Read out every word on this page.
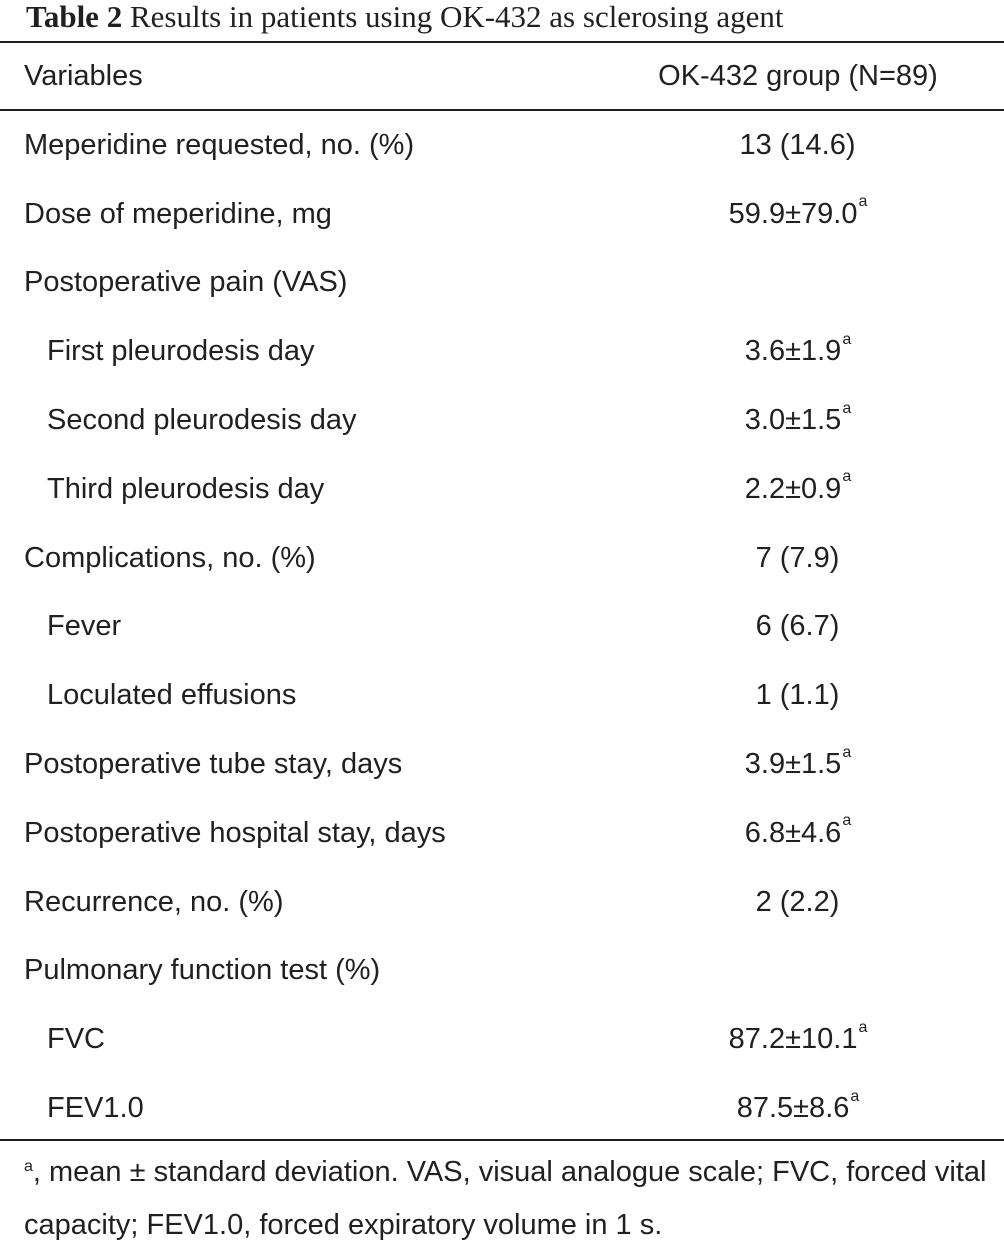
Table 2 Results in patients using OK-432 as sclerosing agent
Variables	OK-432 group (N=89)
Meperidine requested, no. (%)	13 (14.6)
Dose of meperidine, mg	59.9±79.0$^a$
Postoperative pain (VAS)
First pleurodesis day	3.6±1.9$^a$
Second pleurodesis day	3.0±1.5$^a$
Third pleurodesis day	2.2±0.9$^a$
Complications, no. (%)	7 (7.9)
Fever	6 (6.7)
Loculated effusions	1 (1.1)
Postoperative tube stay, days	3.9±1.5$^a$
Postoperative hospital stay, days	6.8±4.6$^a$
Recurrence, no. (%)	2 (2.2)
Pulmonary function test (%)
FVC	87.2±10.1$^a$
FEV1.0	87.5±8.6$^a$
$^a$, mean ± standard deviation. VAS, visual analogue scale; FVC, forced vital capacity; FEV1.0, forced expiratory volume in 1 s.
